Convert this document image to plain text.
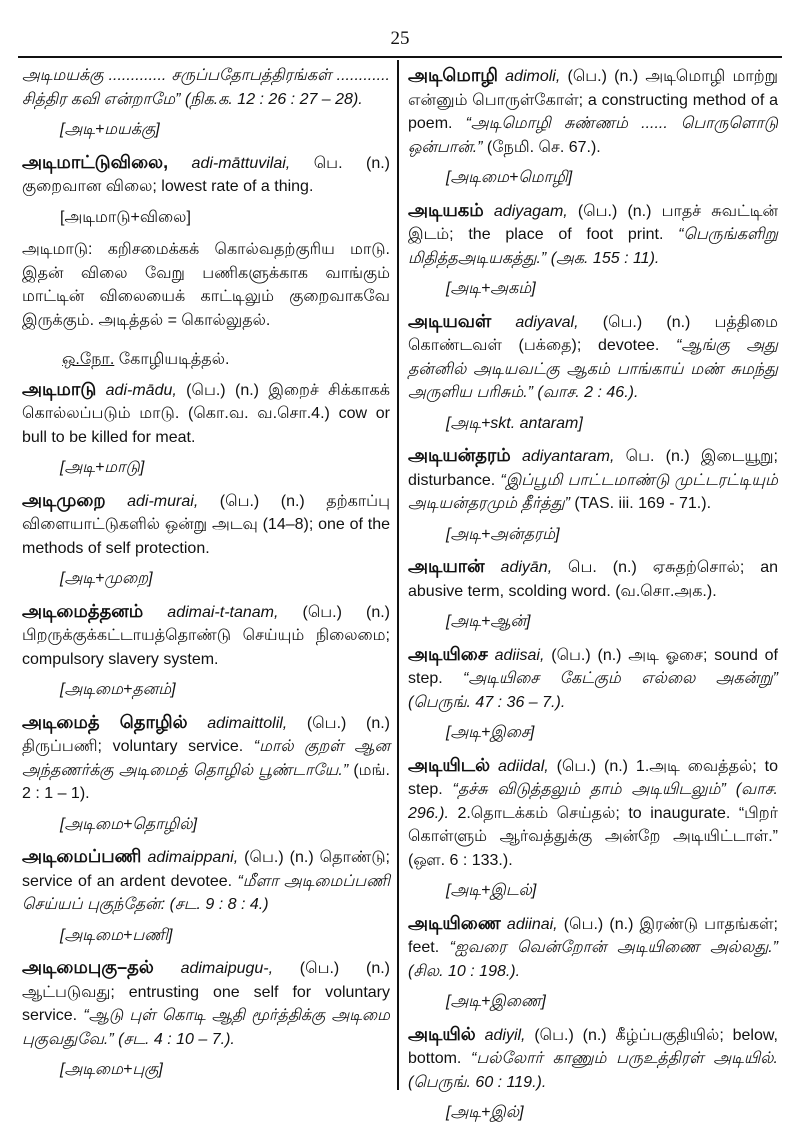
25

அடிமயக்கு ............. சருப்பதோபத்திரங்கள் ............ சித்திர கவி என்றாமே” (நிக.க. 12 : 26 : 27 – 28).

[அடி+மயக்கு]

அடிமாட்டுவிலை, adi-māttuvilai, பெ. (n.) குறைவான விலை; lowest rate of a thing.

[அடிமாடு+விலை]

அடிமாடு: கறிசமைக்கக் கொல்வதற்குரிய மாடு. இதன் விலை வேறு பணிகளுக்காக வாங்கும் மாட்டின் விலையைக் காட்டிலும் குறைவாகவே இருக்கும். அடித்தல் = கொல்லுதல்.

ஒ.நோ. கோழியடித்தல்.

அடிமாடு adi-mādu, (பெ.) (n.) இறைச் சிக்காகக் கொல்லப்படும் மாடு. (கொ.வ. வ.சொ.4.) cow or bull to be killed for meat.

[அடி+மாடு]

அடிமுறை adi-murai, (பெ.) (n.) தற்காப்பு விளையாட்டுகளில் ஒன்று அடவு (14–8); one of the methods of self protection.

[அடி+முறை]

அடிமைத்தனம் adimai-t-tanam, (பெ.) (n.) பிறருக்குக்கட்டாயத்தொண்டு செய்யும் நிலைமை; compulsory slavery system.

[அடிமை+தனம்]

அடிமைத் தொழில் adimaittolil, (பெ.) (n.) திருப்பணி; voluntary service. “மால் குறள் ஆன அந்தணர்க்கு அடிமைத் தொழில் பூண்டாயே.” (மங். 2 : 1 – 1).

[அடிமை+தொழில்]

அடிமைப்பணி adimaippani, (பெ.) (n.) தொண்டு; service of an ardent devotee. “மீளா அடிமைப்பணி செய்யப் புகுந்தேன்: (சட. 9 : 8 : 4.)

[அடிமை+பணி]

அடிமைபுகு–தல் adimaipugu-, (பெ.) (n.) ஆட்படுவது; entrusting one self for voluntary service. “ஆடு புள் கொடி ஆதி மூர்த்திக்கு அடிமை புகுவதுவே.” (சட. 4 : 10 – 7.).

[அடிமை+புகு]

அடிமொழி adimoli, (பெ.) (n.) அடிமொழி மாற்று என்னும் பொருள்கோள்; a constructing method of a poem. “அடிமொழி சுண்ணம் ...... பொருளொடு ஒன்பான்.” (நேமி. செ. 67.).

[அடிமை+மொழி]

அடியகம் adiyagam, (பெ.) (n.) பாதச் சுவட்டின் இடம்; the place of foot print. “பெருங்களிறு மிதித்தஅடியகத்து.” (அக. 155 : 11).

[அடி+அகம்]

அடியவள் adiyaval, (பெ.) (n.) பத்திமை கொண்டவள் (பக்தை); devotee. “ஆங்கு அது தன்னில் அடியவட்கு ஆகம் பாங்காய் மண் சுமந்து அருளிய பரிசும்.” (வாச. 2 : 46.).

[அடி+skt. antaram]

அடியன்தரம் adiyantaram, பெ. (n.) இடையூறு; disturbance. “இப்பூமி பாட்டமாண்டு முட்டரட்டியும் அடியன்தரமும் தீர்த்து” (TAS. iii. 169 - 71.).

[அடி+அன்தரம்]

அடியான் adiyān, பெ. (n.) ஏசுதற்சொல்; an abusive term, scolding word. (வ.சொ.அக.).

[அடி+ஆன்]

அடியிசை adiisai, (பெ.) (n.) அடி ஓசை; sound of step. “அடியிசை கேட்கும் எல்லை அகன்று” (பெருங். 47 : 36 – 7.).

[அடி+இசை]

அடியிடல் adiidal, (பெ.) (n.) 1.அடி வைத்தல்; to step. “தச்சு விடுத்தலும் தாம் அடியிடலும்” (வாச. 296.). 2.தொடக்கம் செய்தல்; to inaugurate. “பிறர் கொள்ளும் ஆர்வத்துக்கு அன்றே அடியிட்டாள்.” (ஔ. 6 : 133.).

[அடி+இடல்]

அடியிணை adiinai, (பெ.) (n.) இரண்டு பாதங்கள்; feet. “ஐவரை வென்றோன் அடியிணை அல்லது.” (சில. 10 : 198.).

[அடி+இணை]

அடியில் adiyil, (பெ.) (n.) கீழ்ப்பகுதியில்; below, bottom. “பல்லோர் காணும் பருஉத்திரள் அடியில். (பெருங். 60 : 119.).

[அடி+இல்]
